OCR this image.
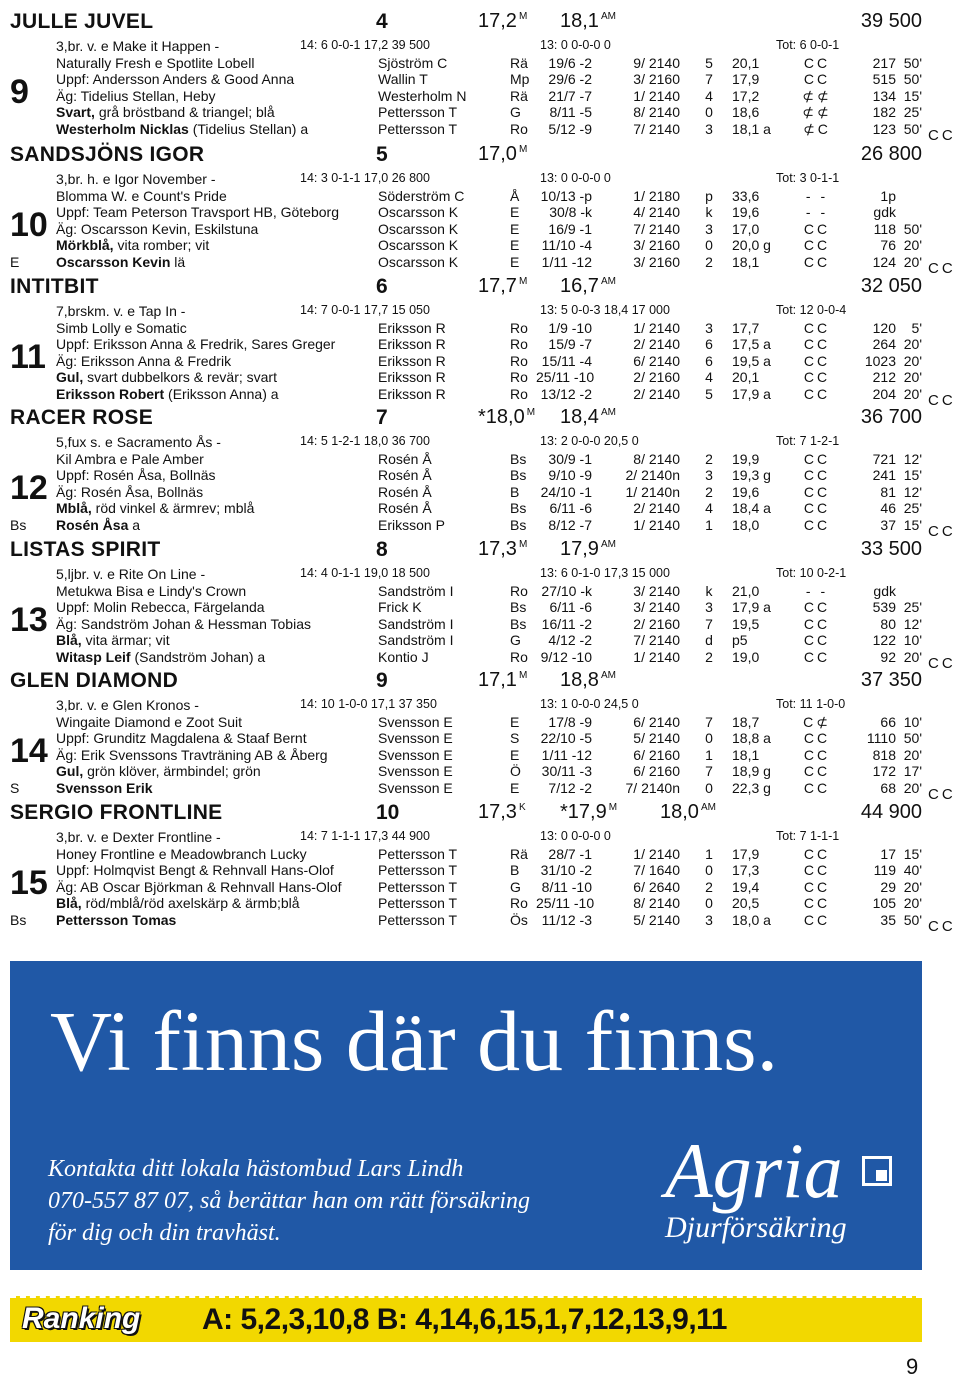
JULLE JUVEL	4	17,2 $^M$ 18,1 $^{AM}$	39 500
3,br. v. e Make it Happen -	14: 6 0-0-1 17,2 39 500	13: 0 0-0-0 0	Tot: 6 0-0-1
9
Naturally Fresh e Spotlite Lobell	Sjöström C	Rä	19/6 -2	9/ 2140 5 20,1	CC	217 50'
Uppf: Andersson Anders & Good Anna	Wallin T	Mp	29/6 -2	3/ 2160 7 17,9	CC	515 50'
Äg: Tidelius Stellan, Heby	Westerholm N	Rä	21/7 -7	1/ 2140 4 17,2	⊄⊄	134 15'
Svart, grå bröstband & triangel; blå	Pettersson T	G	8/11 -5	8/ 2140 0 18,6	⊄⊄	182 25'
Westerholm Nicklas (Tidelius Stellan) a	Pettersson T	Ro	5/12 -9	7/ 2140 3 18,1 a	⊄C	123 50' CC
SANDSJÖNS IGOR	5	17,0 $^M$	26 800
3,br. h. e Igor November -	14: 3 0-1-1 17,0 26 800	13: 0 0-0-0 0	Tot: 3 0-1-1
10
E
Blomma W. e Count's Pride	Söderström C	Å	10/13 -p	1/ 2180 p 33,6	- -	1p
Uppf: Team Peterson Travsport HB, Göteborg	Oscarsson K	E	30/8 -k	4/ 2140 k 19,6	- -	gdk
Äg: Oscarsson Kevin, Eskilstuna	Oscarsson K	E	16/9 -1	7/ 2140 3 17,0	CC	118 50'
Mörkblå, vita romber; vit	Oscarsson K	E	11/10 -4	3/ 2160 0 20,0 g	CC	76 20'
Oscarsson Kevin lä	Oscarsson K	E	1/11 -12	3/ 2160 2 18,1	CC	124 20' CC
INTITBIT	6	17,7 $^M$ 16,7 $^{AM}$	32 050
7,brskm. v. e Tap In -	14: 7 0-0-1 17,7 15 050	13: 5 0-0-3 18,4 17 000	Tot: 12 0-0-4
11
Simb Lolly e Somatic	Eriksson R	Ro	1/9 -10	1/ 2140 3 17,7	CC	120	5'
Uppf: Eriksson Anna & Fredrik, Sares Greger	Eriksson R	Ro	15/9 -7	2/ 2140 6 17,5 a	CC	264 20'
Äg: Eriksson Anna & Fredrik	Eriksson R	Ro 15/11 -4	6/ 2140 6 19,5 a	CC	1023 20'
Gul, svart dubbelkors & revär; svart	Eriksson R	Ro 25/11 -10	2/ 2160 4 20,1	CC	212 20'
Eriksson Robert (Eriksson Anna) a	Eriksson R	Ro 13/12 -2	2/ 2140 5 17,9 a	CC	204 20' CC
RACER ROSE	7	*18,0 $^M$ 18,4 $^{AM}$	36 700
5,fux s. e Sacramento Ås -	14: 5 1-2-1 18,0 36 700	13: 2 0-0-0 20,5 0	Tot: 7 1-2-1
12
Bs
Kil Ambra e Pale Amber	Rosén Å	Bs	30/9 -1	8/ 2140 2 19,9	CC	721 12'
Uppf: Rosén Åsa, Bollnäs	Rosén Å	Bs	9/10 -9	2/ 2140n 3 19,3 g	CC	241 15'
Äg: Rosén Åsa, Bollnäs	Rosén Å	B	24/10 -1	1/ 2140n 2 19,6	CC	81 12'
Mblå, röd vinkel & ärmrev; mblå	Rosén Å	Bs	6/11 -6	2/ 2140 4 18,4 a	CC	46 25'
Rosén Åsa a	Eriksson P	Bs	8/12 -7	1/ 2140 1 18,0	CC	37 15' CC
LISTAS SPIRIT	8	17,3 $^M$ 17,9 $^{AM}$	33 500
5,ljbr. v. e Rite On Line -	14: 4 0-1-1 19,0 18 500	13: 6 0-1-0 17,3 15 000	Tot: 10 0-2-1
13
Metukwa Bisa e Lindy's Crown	Sandström I	Ro 27/10 -k	3/ 2140 k 21,0	- -	gdk
Uppf: Molin Rebecca, Färgelanda	Frick K	Bs	6/11 -6	3/ 2140 3 17,9 a	CC	539 25'
Äg: Sandström Johan & Hessman Tobias	Sandström I	Bs	16/11 -2	2/ 2160 7 19,5	CC	80 12'
Blå, vita ärmar; vit	Sandström I	G	4/12 -2	7/ 2140 d p5	CC	122 10'
Witasp Leif (Sandström Johan) a	Kontio J	Ro 9/12 -10	1/ 2140 2 19,0	CC	92 20' CC
GLEN DIAMOND	9	17,1 $^M$ 18,8 $^{AM}$	37 350
3,br. v. e Glen Kronos -	14: 10 1-0-0 17,1 37 350	13: 1 0-0-0 24,5 0	Tot: 11 1-0-0
14
S
Wingaite Diamond e Zoot Suit	Svensson E	E	17/8 -9	6/ 2140 7 18,7	C⊄	66 10'
Uppf: Grunditz Magdalena & Staaf Bernt	Svensson E	S	22/10 -5	5/ 2140 0 18,8 a	CC	1110 50'
Äg: Erik Svenssons Travträning AB & Åberg	Svensson E	E	1/11 -12	6/ 2160 1 18,1	CC	818 20'
Gul, grön klöver, ärmbindel; grön	Svensson E	Ö	30/11 -3	6/ 2160 7 18,9 g	CC	172 17'
Svensson Erik	Svensson E	E	7/12 -2	7/ 2140n 0 22,3 g	CC	68 20' CC
SERGIO FRONTLINE	10	17,3 $^K$ *17,9 $^M$ 18,0 $^{AM}$	44 900
3,br. v. e Dexter Frontline -	14: 7 1-1-1 17,3 44 900	13: 0 0-0-0 0	Tot: 7 1-1-1
15
Bs
Honey Frontline e Meadowbranch Lucky	Pettersson T	Rä	28/7 -1	1/ 2140 1 17,9	CC	17 15'
Uppf: Holmqvist Bengt & Rehnvall Hans-Olof	Pettersson T	B	31/10 -2	7/ 1640 0 17,3	CC	119 40'
Äg: AB Oscar Björkman & Rehnvall Hans-Olof	Pettersson T	G	8/11 -10	6/ 2640 2 19,4	CC	29 20'
Blå, röd/mblå/röd axelskärp & ärmb;blå	Pettersson T	Ro 25/11 -10	8/ 2140 0 20,5	CC	105 20'
Pettersson Tomas	Pettersson T	Ös 11/12 -3	5/ 2140 3 18,0 a	CC	35 50' CC
Vi finns där du finns.
Kontakta ditt lokala hästombud Lars Lindh
070-557 87 07, så berättar han om rätt försäkring
för dig och din travhäst.
Agria
Djurförsäkring
Ranking A: 5,2,3,10,8 B: 4,14,6,15,1,7,12,13,9,11
9
